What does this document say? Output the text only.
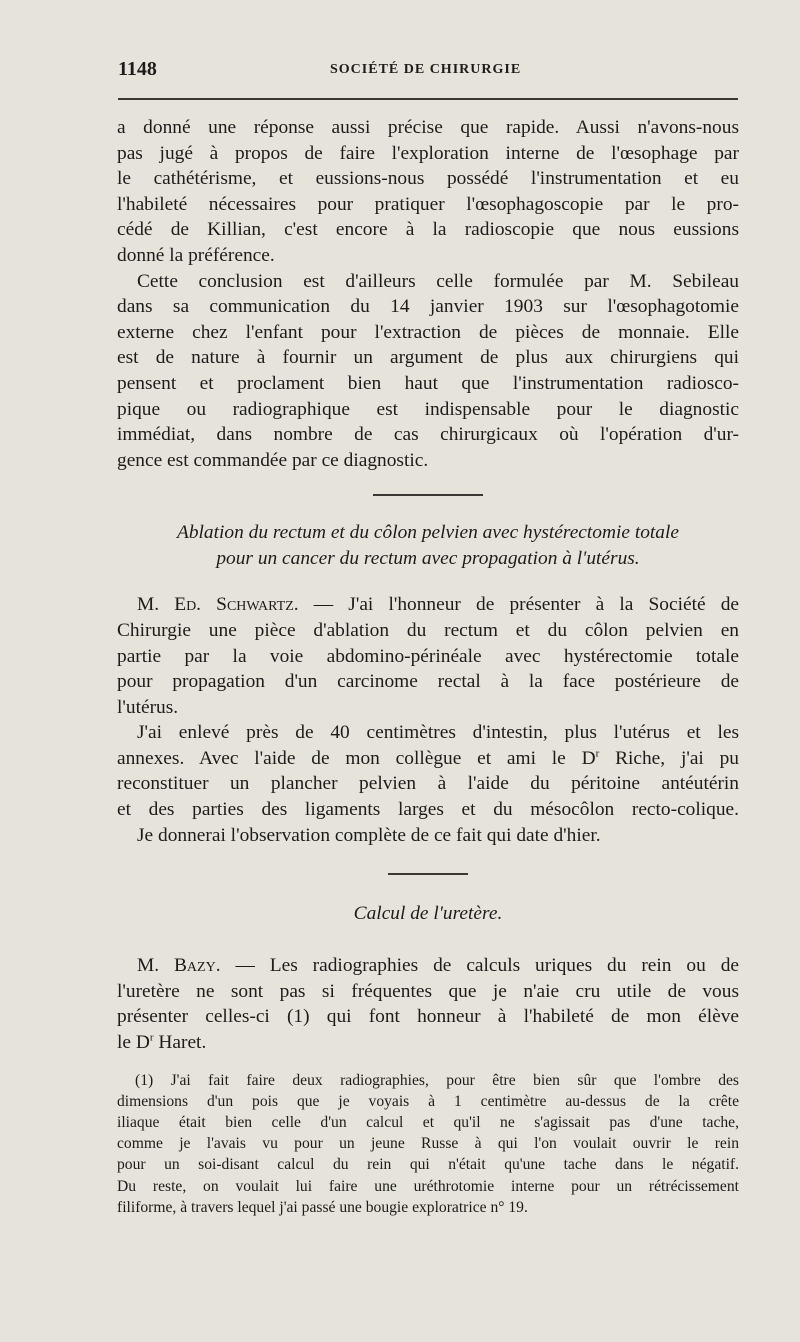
1148	SOCIÉTÉ DE CHIRURGIE

a donné une réponse aussi précise que rapide. Aussi n'avons-nous

pas jugé à propos de faire l'exploration interne de l'œsophage par

le cathétérisme, et eussions-nous possédé l'instrumentation et eu

l'habileté nécessaires pour pratiquer l'œsophagoscopie par le pro-

cédé de Killian, c'est encore à la radioscopie que nous eussions

donné la préférence.

Cette conclusion est d'ailleurs celle formulée par M. Sebileau

dans sa communication du 14 janvier 1903 sur l'œsophagotomie

externe chez l'enfant pour l'extraction de pièces de monnaie. Elle

est de nature à fournir un argument de plus aux chirurgiens qui

pensent et proclament bien haut que l'instrumentation radiosco-

pique ou radiographique est indispensable pour le diagnostic

immédiat, dans nombre de cas chirurgicaux où l'opération d'ur-

gence est commandée par ce diagnostic.

Ablation du rectum et du côlon pelvien avec hystérectomie totale

pour un cancer du rectum avec propagation à l'utérus.

M. Ed. Schwartz. — J'ai l'honneur de présenter à la Société de

Chirurgie une pièce d'ablation du rectum et du côlon pelvien en

partie par la voie abdomino-périnéale avec hystérectomie totale

pour propagation d'un carcinome rectal à la face postérieure de

l'utérus.

J'ai enlevé près de 40 centimètres d'intestin, plus l'utérus et les

annexes. Avec l'aide de mon collègue et ami le $D^r$ Riche, j'ai pu

reconstituer un plancher pelvien à l'aide du péritoine antéutérin

et des parties des ligaments larges et du mésocôlon recto-colique.

Je donnerai l'observation complète de ce fait qui date d'hier.

Calcul de l'uretère.

M. Bazy. — Les radiographies de calculs uriques du rein ou de

l'uretère ne sont pas si fréquentes que je n'aie cru utile de vous

présenter celles-ci (1) qui font honneur à l'habileté de mon élève

le $D^r$ Haret.

(1) J'ai fait faire deux radiographies, pour être bien sûr que l'ombre des

dimensions d'un pois que je voyais à 1 centimètre au-dessus de la crête

iliaque était bien celle d'un calcul et qu'il ne s'agissait pas d'une tache,

comme je l'avais vu pour un jeune Russe à qui l'on voulait ouvrir le rein

pour un soi-disant calcul du rein qui n'était qu'une tache dans le négatif.

Du reste, on voulait lui faire une uréthrotomie interne pour un rétrécissement

filiforme, à travers lequel j'ai passé une bougie exploratrice n° 19.
